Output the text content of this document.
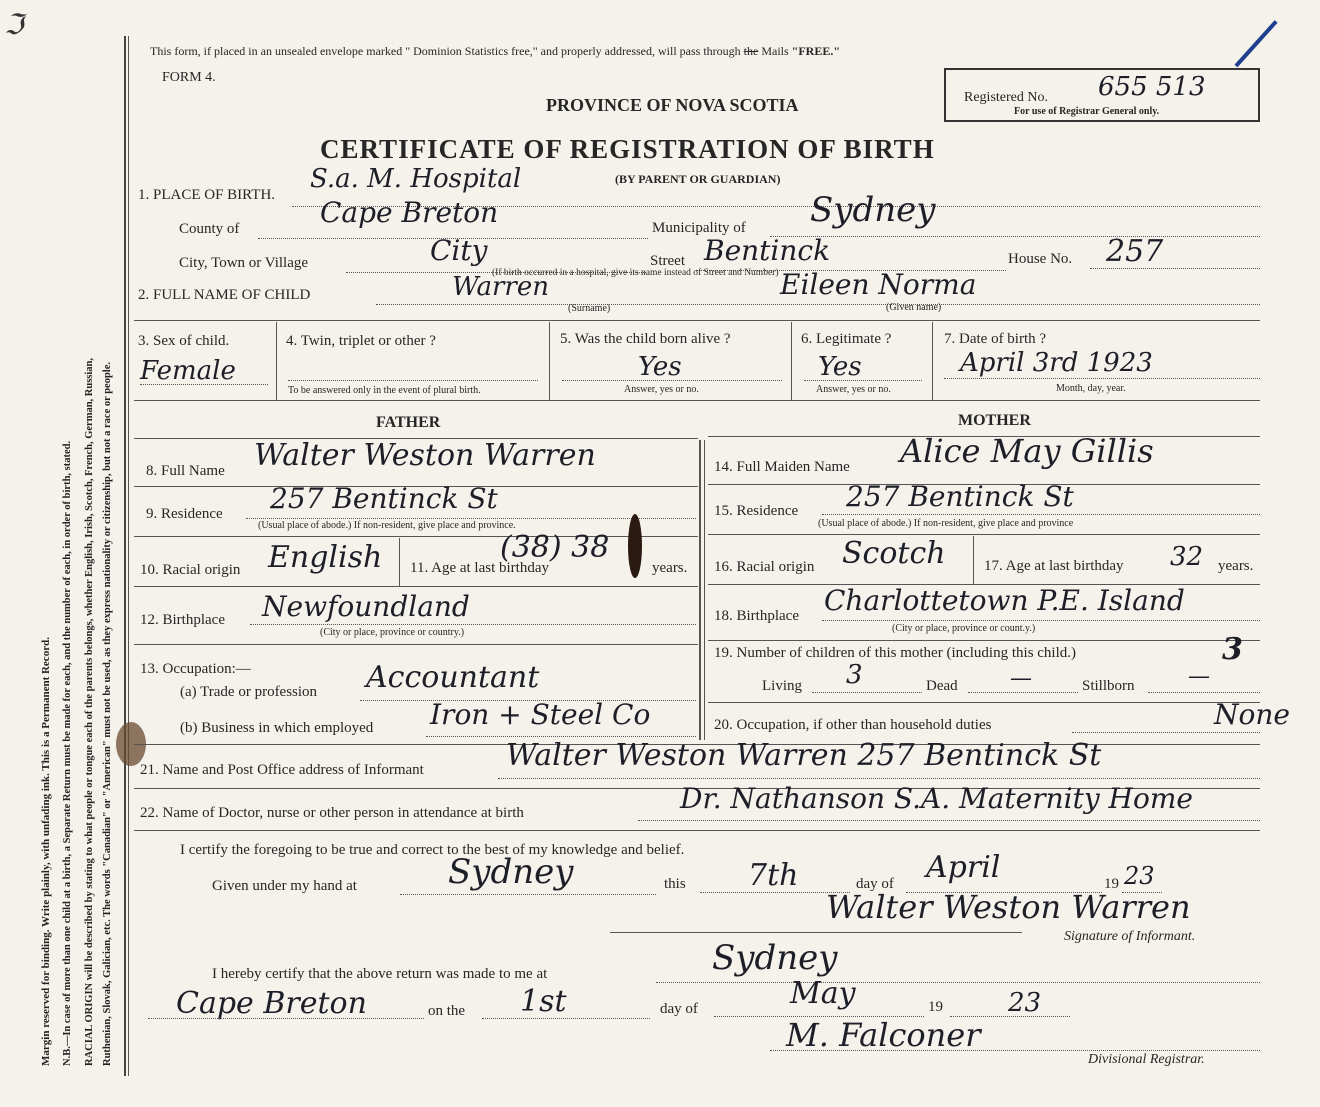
ℑ
Margin reserved for binding. Write plainly, with unfading ink. This is a Permanent Record. N.B.—In case of more than one child at a birth, a Separate Return must be made for each, and the number of each, in order of birth, stated. RACIAL ORIGIN will be described by stating to what people or tongue each of the parents belongs, whether English, Irish, Scotch, French, German, Russian, Ruthenian, Slovak, Galician, etc. The words "Canadian" or "American" must not be used, as they express nationality or citizenship, but not a race or people.
This form, if placed in an unsealed envelope marked " Dominion Statistics free," and properly addressed, will pass through the Mails "FREE."
FORM 4.
PROVINCE OF NOVA SCOTIA
CERTIFICATE OF REGISTRATION OF BIRTH
(BY PARENT OR GUARDIAN)
Registered No. 655 513
For use of Registrar General only.
1. PLACE OF BIRTH.
S.a. M. Hospital
County of	Cape Breton	Municipality of Sydney
City, Town or Village	City	Street Bentinck	House No. 257
(If birth occurred in a hospital, give its name instead of Street and Number)
2. FULL NAME OF CHILD	Warren	Eileen Norma
(Surname)	(Given name)
3. Sex of child.
Female
4. Twin, triplet or other ?
To be answered only in the event of plural birth.
5. Was the child born alive ?
Yes
Answer, yes or no.
6. Legitimate ?
Yes
Answer, yes or no.
7. Date of birth ?
April 3rd 1923
Month, day, year.
FATHER	MOTHER
8. Full Name Walter Weston Warren
9. Residence 257 Bentinck St
(Usual place of abode.) If non-resident, give place and province.
10. Racial origin English 11. Age at last birthday
(38) 38
years.
12. Birthplace Newfoundland
(City or place, province or country.)
13. Occupation:—
(a) Trade or profession Accountant
(b) Business in which employed Iron + Steel Co
14. Full Maiden Name Alice May Gillis
15. Residence 257 Bentinck St
(Usual place of abode.) If non-resident, give place and province
16. Racial origin Scotch	17. Age at last birthday 32 years.
18. Birthplace Charlottetown P.E. Island
(City or place, province or count.y.)
19. Number of children of this mother (including this child.)	3
Living 3	Dead —	Stillborn —
20. Occupation, if other than household duties	None
21. Name and Post Office address of Informant	Walter Weston Warren 257 Bentinck St
22. Name of Doctor, nurse or other person in attendance at birth	Dr. Nathanson S.A. Maternity Home
I certify the foregoing to be true and correct to the best of my knowledge and belief.
Given under my hand at	Sydney	this 7th	day of April	19 23
Walter Weston Warren
Signature of Informant.
I hereby certify that the above return was made to me at	Sydney
Cape Breton	on the 1st	day of	May	19	23
M. Falconer
Divisional Registrar.
